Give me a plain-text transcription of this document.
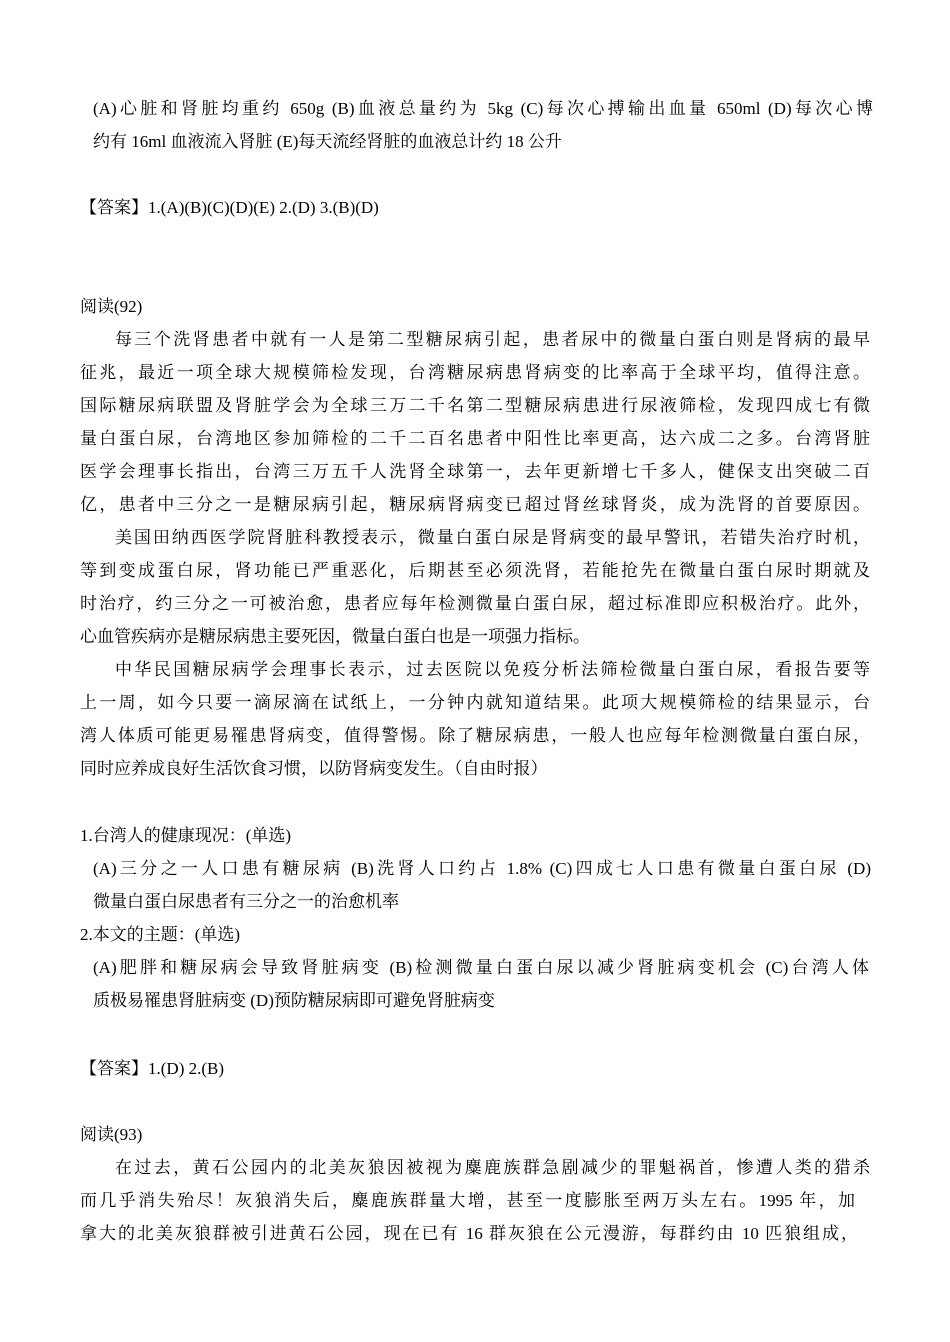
(A)心脏和肾脏均重约 650g (B)血液总量约为 5kg (C)每次心搏输出血量 650ml (D)每次心博
约有 16ml 血液流入肾脏 (E)每天流经肾脏的血液总计约 18 公升
【答案】1.(A)(B)(C)(D)(E) 2.(D) 3.(B)(D)
阅读(92)
每三个洗肾患者中就有一人是第二型糖尿病引起，患者尿中的微量白蛋白则是肾病的最早
征兆，最近一项全球大规模筛检发现，台湾糖尿病患肾病变的比率高于全球平均，值得注意。
国际糖尿病联盟及肾脏学会为全球三万二千名第二型糖尿病患进行尿液筛检，发现四成七有微
量白蛋白尿，台湾地区参加筛检的二千二百名患者中阳性比率更高，达六成二之多。台湾肾脏
医学会理事长指出，台湾三万五千人洗肾全球第一，去年更新增七千多人，健保支出突破二百
亿，患者中三分之一是糖尿病引起，糖尿病肾病变已超过肾丝球肾炎，成为洗肾的首要原因。
美国田纳西医学院肾脏科教授表示，微量白蛋白尿是肾病变的最早警讯，若错失治疗时机，
等到变成蛋白尿，肾功能已严重恶化，后期甚至必须洗肾，若能抢先在微量白蛋白尿时期就及
时治疗，约三分之一可被治愈，患者应每年检测微量白蛋白尿，超过标准即应积极治疗。此外，
心血管疾病亦是糖尿病患主要死因，微量白蛋白也是一项强力指标。
中华民国糖尿病学会理事长表示，过去医院以免疫分析法筛检微量白蛋白尿，看报告要等
上一周，如今只要一滴尿滴在试纸上，一分钟内就知道结果。此项大规模筛检的结果显示，台
湾人体质可能更易罹患肾病变，值得警惕。除了糖尿病患，一般人也应每年检测微量白蛋白尿，
同时应养成良好生活饮食习惯，以防肾病变发生。（自由时报）
1.台湾人的健康现况：(单选)
(A)三分之一人口患有糖尿病 (B)洗肾人口约占 1.8% (C)四成七人口患有微量白蛋白尿 (D)
微量白蛋白尿患者有三分之一的治愈机率
2.本文的主题：(单选)
(A)肥胖和糖尿病会导致肾脏病变 (B)检测微量白蛋白尿以减少肾脏病变机会 (C)台湾人体
质极易罹患肾脏病变 (D)预防糖尿病即可避免肾脏病变
【答案】1.(D) 2.(B)
阅读(93)
在过去，黄石公园内的北美灰狼因被视为麋鹿族群急剧减少的罪魁祸首，惨遭人类的猎杀
而几乎消失殆尽！灰狼消失后，麋鹿族群量大增，甚至一度膨胀至两万头左右。1995 年，加
拿大的北美灰狼群被引进黄石公园，现在已有 16 群灰狼在公元漫游，每群约由 10 匹狼组成，
